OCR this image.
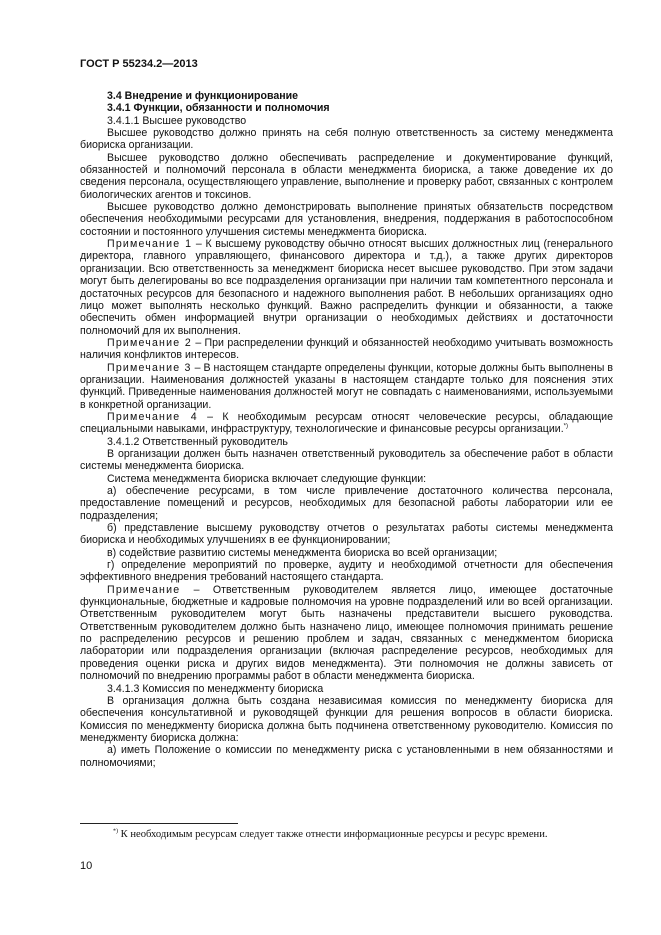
ГОСТ Р 55234.2—2013

3.4 Внедрение и функционирование

3.4.1 Функции, обязанности и полномочия

3.4.1.1 Высшее руководство

Высшее руководство должно принять на себя полную ответственность за систему менеджмента биориска организации.

Высшее руководство должно обеспечивать распределение и документирование функций, обязанностей и полномочий персонала в области менеджмента биориска, а также доведение их до сведения персонала, осуществляющего управление, выполнение и проверку работ, связанных с контролем биологических агентов и токсинов.

Высшее руководство должно демонстрировать выполнение принятых обязательств посредством обеспечения необходимыми ресурсами для установления, внедрения, поддержания в работоспособном состоянии и постоянного улучшения системы менеджмента биориска.

Примечание 1 – К высшему руководству обычно относят высших должностных лиц (генерального директора, главного управляющего, финансового директора и т.д.), а также других директоров организации. Всю ответственность за менеджмент биориска несет высшее руководство. При этом задачи могут быть делегированы во все подразделения организации при наличии там компетентного персонала и достаточных ресурсов для безопасного и надежного выполнения работ. В небольших организациях одно лицо может выполнять несколько функций. Важно распределить функции и обязанности, а также обеспечить обмен информацией внутри организации о необходимых действиях и достаточности полномочий для их выполнения.

Примечание 2 – При распределении функций и обязанностей необходимо учитывать возможность наличия конфликтов интересов.

Примечание 3 – В настоящем стандарте определены функции, которые должны быть выполнены в организации. Наименования должностей указаны в настоящем стандарте только для пояснения этих функций. Приведенные наименования должностей могут не совпадать с наименованиями, используемыми в конкретной организации.

Примечание 4 – К необходимым ресурсам относят человеческие ресурсы, обладающие специальными навыками, инфраструктуру, технологические и финансовые ресурсы организации.*)

3.4.1.2 Ответственный руководитель

В организации должен быть назначен ответственный руководитель за обеспечение работ в области системы менеджмента биориска.

Система менеджмента биориска включает следующие функции:

а) обеспечение ресурсами, в том числе привлечение достаточного количества персонала, предоставление помещений и ресурсов, необходимых для безопасной работы лаборатории или ее подразделения;

б) представление высшему руководству отчетов о результатах работы системы менеджмента биориска и необходимых улучшениях в ее функционировании;

в) содействие развитию системы менеджмента биориска во всей организации;

г) определение мероприятий по проверке, аудиту и необходимой отчетности для обеспечения эффективного внедрения требований настоящего стандарта.

Примечание – Ответственным руководителем является лицо, имеющее достаточные функциональные, бюджетные и кадровые полномочия на уровне подразделений или во всей организации. Ответственным руководителем могут быть назначены представители высшего руководства. Ответственным руководителем должно быть назначено лицо, имеющее полномочия принимать решение по распределению ресурсов и решению проблем и задач, связанных с менеджментом биориска лаборатории или подразделения организации (включая распределение ресурсов, необходимых для проведения оценки риска и других видов менеджмента). Эти полномочия не должны зависеть от полномочий по внедрению программы работ в области менеджмента биориска.

3.4.1.3 Комиссия по менеджменту биориска

В организация должна быть создана независимая комиссия по менеджменту биориска для обеспечения консультативной и руководящей функции для решения вопросов в области биориска. Комиссия по менеджменту биориска должна быть подчинена ответственному руководителю. Комиссия по менеджменту биориска должна:

а) иметь Положение о комиссии по менеджменту риска с установленными в нем обязанностями и полномочиями;

*) К необходимым ресурсам следует также отнести информационные ресурсы и ресурс времени.
10
